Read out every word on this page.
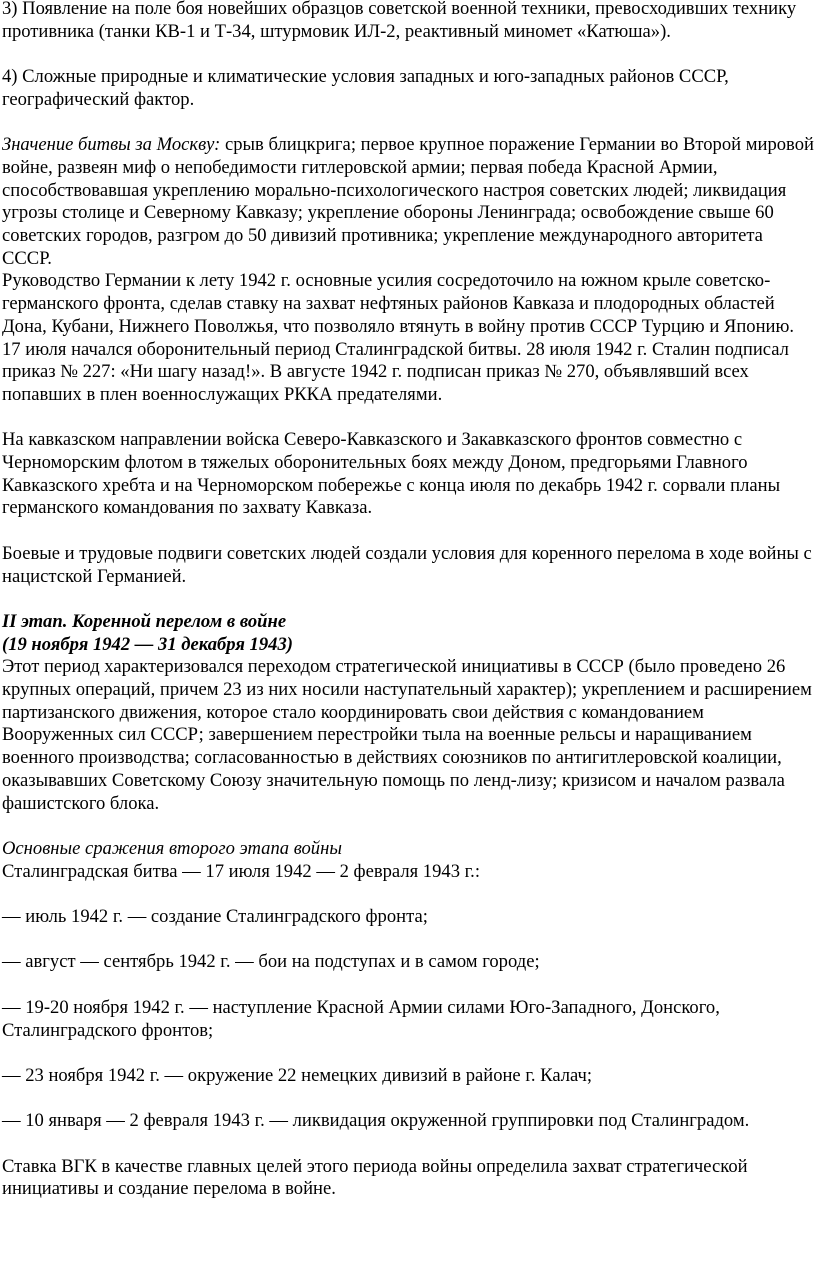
3) Появление на поле боя новейших образцов советской военной техники, превосходивших технику противника (танки КВ-1 и Т-34, штурмовик ИЛ-2, реактивный миномет «Катюша»).

4) Сложные природные и климатические условия западных и юго-западных районов СССР, географический фактор.

Значение битвы за Москву: срыв блицкрига; первое крупное поражение Германии во Второй мировой войне, развеян миф о непобедимости гитлеровской армии; первая победа Красной Армии, способствовавшая укреплению морально-психологического настроя советских людей; ликвидация угрозы столице и Северному Кавказу; укрепление обороны Ленинграда; освобождение свыше 60 советских городов, разгром до 50 дивизий противника; укрепление международного авторитета СССР.

Руководство Германии к лету 1942 г. основные усилия сосредоточило на южном крыле советско-германского фронта, сделав ставку на захват нефтяных районов Кавказа и плодородных областей Дона, Кубани, Нижнего Поволжья, что позволяло втянуть в войну против СССР Турцию и Японию. 17 июля начался оборонительный период Сталинградской битвы. 28 июля 1942 г. Сталин подписал приказ № 227: «Ни шагу назад!». В августе 1942 г. подписан приказ № 270, объявлявший всех попавших в плен военнослужащих РККА предателями.

На кавказском направлении войска Северо-Кавказского и Закавказского фронтов совместно с Черноморским флотом в тяжелых оборонительных боях между Доном, предгорьями Главного Кавказского хребта и на Черноморском побережье с конца июля по декабрь 1942 г. сорвали планы германского командования по захвату Кавказа.

Боевые и трудовые подвиги советских людей создали условия для коренного перелома в ходе войны с нацистской Германией.

II этап. Коренной перелом в войне

(19 ноября 1942 — 31 декабря 1943)

Этот период характеризовался переходом стратегической инициативы в СССР (было проведено 26 крупных операций, причем 23 из них носили наступательный характер); укреплением и расширением партизанского движения, которое стало координировать свои действия с командованием Вооруженных сил СССР; завершением перестройки тыла на военные рельсы и наращиванием военного производства; согласованностью в действиях союзников по антигитлеровской коалиции, оказывавших Советскому Союзу значительную помощь по ленд-лизу; кризисом и началом развала фашистского блока.

Основные сражения второго этапа войны

Сталинградская битва — 17 июля 1942 — 2 февраля 1943 г.:

— июль 1942 г. — создание Сталинградского фронта;

— август — сентябрь 1942 г. — бои на подступах и в самом городе;

— 19-20 ноября 1942 г. — наступление Красной Армии силами Юго-Западного, Донского, Сталинградского фронтов;

— 23 ноября 1942 г. — окружение 22 немецких дивизий в районе г. Калач;

— 10 января — 2 февраля 1943 г. — ликвидация окруженной группировки под Сталинградом.

Ставка ВГК в качестве главных целей этого периода войны определила захват стратегической инициативы и создание перелома в войне.
